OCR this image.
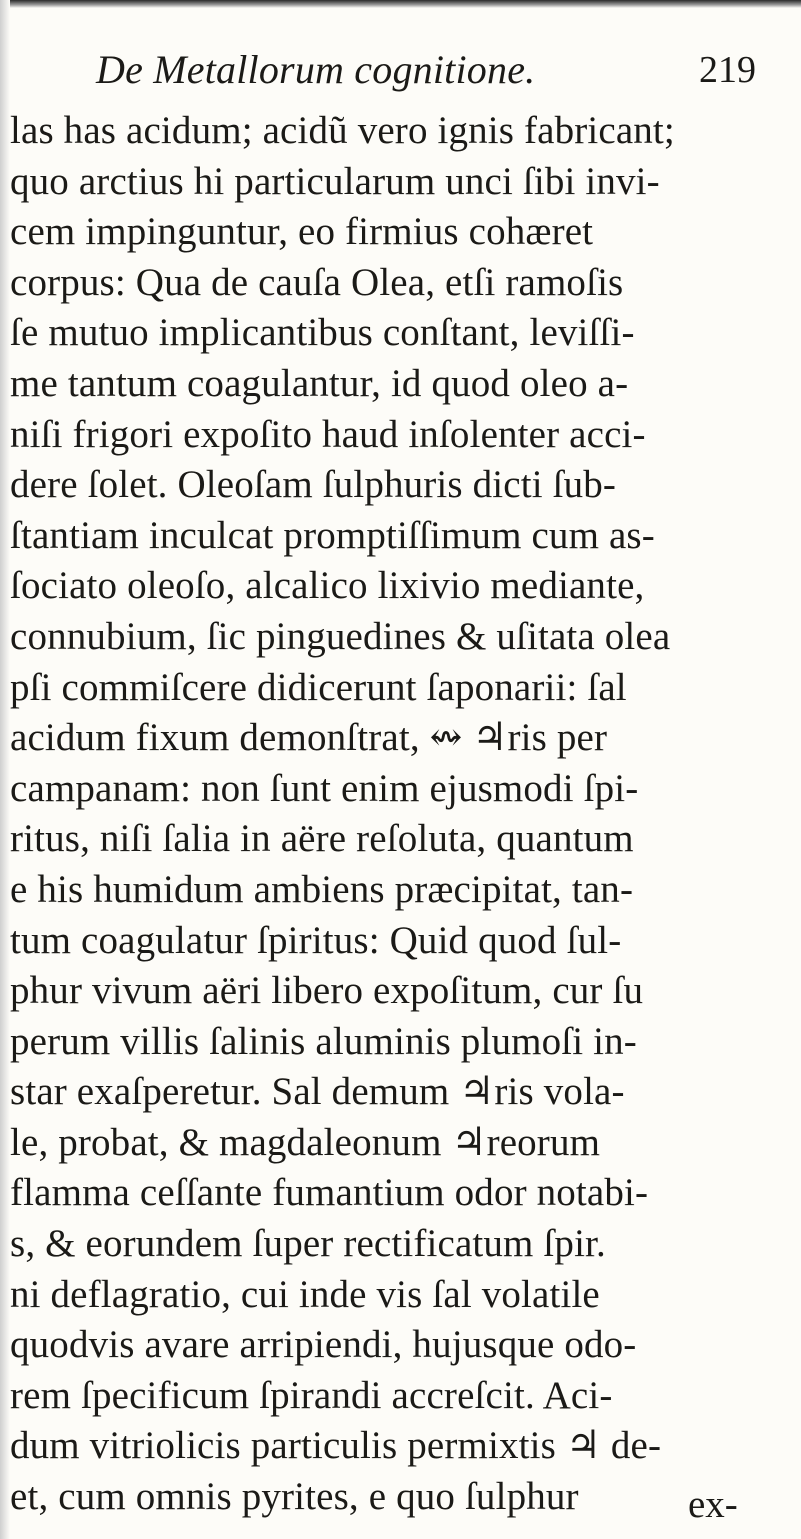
De Metallorum cognitione.	219
las has acidum; acidũ vero ignis fabricant;
quo arctius hi particularum unci ſibi invi-
cem impinguntur, eo firmius cohæret
corpus: Qua de cauſa Olea, etſi ramoſis
ſe mutuo implicantibus conſtant, leviſſi-
me tantum coagulantur, id quod oleo a-
niſi frigori expoſito haud inſolenter acci-
dere ſolet. Oleoſam ſulphuris dicti ſub-
ſtantiam inculcat promptiſſimum cum as-
ſociato oleoſo, alcalico lixivio mediante,
connubium, ſic pinguedines & uſitata olea
pſi commiſcere didicerunt ſaponarii: ſal
acidum fixum demonſtrat, ↭ ♃ris per
campanam: non ſunt enim ejusmodi ſpi-
ritus, niſi ſalia in aëre reſoluta, quantum
e his humidum ambiens præcipitat, tan-
tum coagulatur ſpiritus: Quid quod ſul-
phur vivum aëri libero expoſitum, cur ſu
perum villis ſalinis aluminis plumoſi in-
star exaſperetur. Sal demum ♃ris vola-
le, probat, & magdaleonum ♃reorum
flamma ceſſante fumantium odor notabi-
s, & eorundem ſuper rectificatum ſpir.
ni deflagratio, cui inde vis ſal volatile
quodvis avare arripiendi, hujusque odo-
rem ſpecificum ſpirandi accreſcit. Aci-
dum vitriolicis particulis permixtis ♃ de-
et, cum omnis pyrites, e quo ſulphur	ex-
